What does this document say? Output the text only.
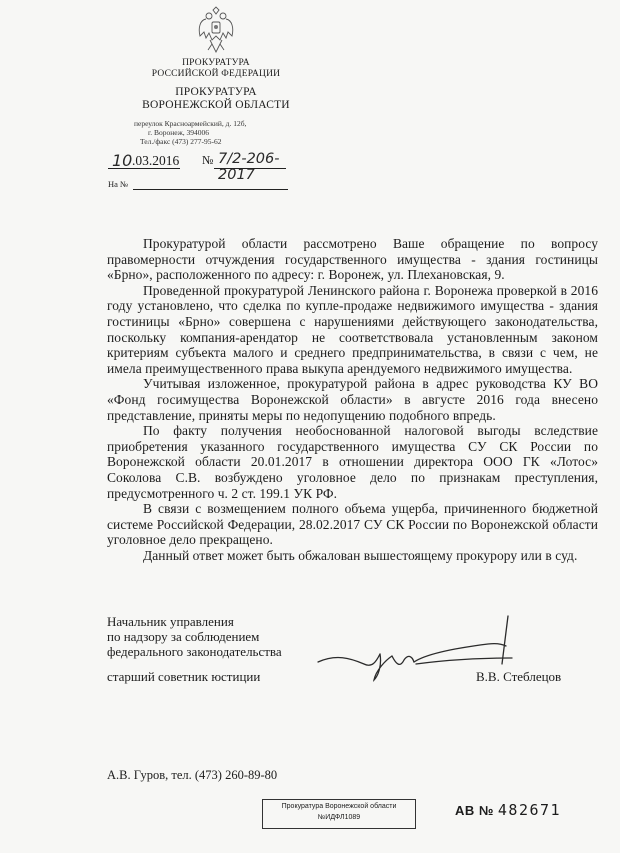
ПРОКУРАТУРА
РОССИЙСКОЙ ФЕДЕРАЦИИ
ПРОКУРАТУРА
ВОРОНЕЖСКОЙ ОБЛАСТИ
переулок Красноармейский, д. 12б,
г. Воронеж, 394006
Тел./факс (473) 277-95-62
10 .03.2016 № 7/2-206-2017
На №

Прокуратурой области рассмотрено Ваше обращение по вопросу правомерности отчуждения государственного имущества - здания гостиницы «Брно», расположенного по адресу: г. Воронеж, ул. Плехановская, 9.

Проведенной прокуратурой Ленинского района г. Воронежа проверкой в 2016 году установлено, что сделка по купле-продаже недвижимого имущества - здания гостиницы «Брно» совершена с нарушениями действующего законодательства, поскольку компания-арендатор не соответствовала установленным законом критериям субъекта малого и среднего предпринимательства, в связи с чем, не имела преимущественного права выкупа арендуемого недвижимого имущества.

Учитывая изложенное, прокуратурой района в адрес руководства КУ ВО «Фонд госимущества Воронежской области» в августе 2016 года внесено представление, приняты меры по недопущению подобного впредь.

По факту получения необоснованной налоговой выгоды вследствие приобретения указанного государственного имущества СУ СК России по Воронежской области 20.01.2017 в отношении директора ООО ГК «Лотос» Соколова С.В. возбуждено уголовное дело по признакам преступления, предусмотренного ч. 2 ст. 199.1 УК РФ.

В связи с возмещением полного объема ущерба, причиненного бюджетной системе Российской Федерации, 28.02.2017 СУ СК России по Воронежской области уголовное дело прекращено.

Данный ответ может быть обжалован вышестоящему прокурору или в суд.

Начальник управления
по надзору за соблюдением
федерального законодательства
старший советник юстиции	В.В. Стеблецов
А.В. Гуров, тел. (473) 260-89-80
Прокуратура Воронежской области
№ИДФЛ1089	АВ № 482671
